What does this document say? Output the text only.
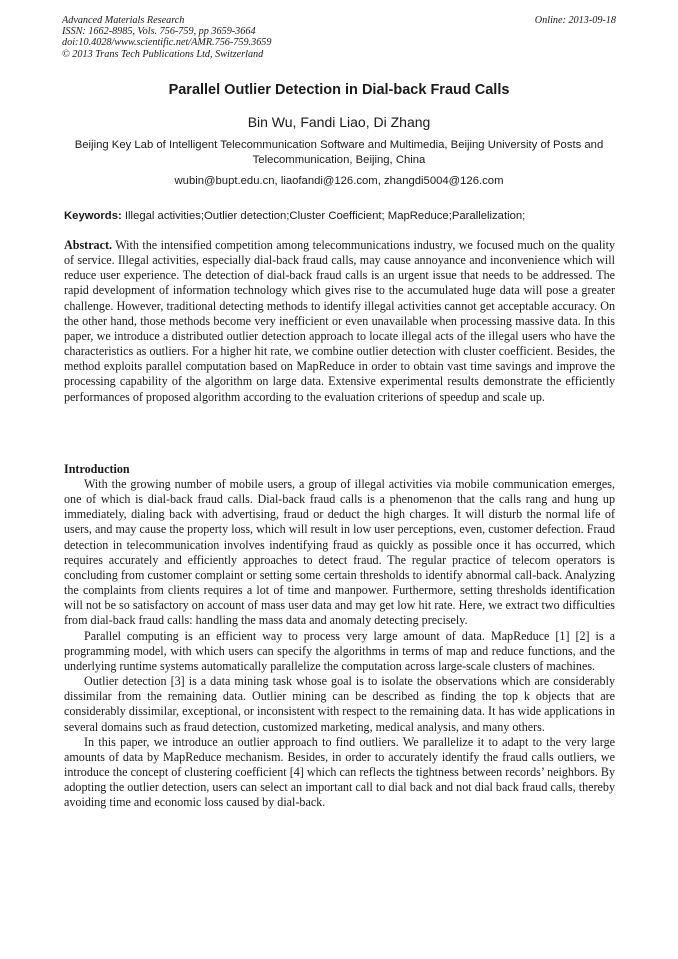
Advanced Materials Research
ISSN: 1662-8985, Vols. 756-759, pp 3659-3664
doi:10.4028/www.scientific.net/AMR.756-759.3659
© 2013 Trans Tech Publications Ltd, Switzerland
Online: 2013-09-18
Parallel Outlier Detection in Dial-back Fraud Calls
Bin Wu, Fandi Liao, Di Zhang
Beijing Key Lab of Intelligent Telecommunication Software and Multimedia, Beijing University of Posts and Telecommunication, Beijing, China
wubin@bupt.edu.cn, liaofandi@126.com, zhangdi5004@126.com
Keywords: Illegal activities;Outlier detection;Cluster Coefficient; MapReduce;Parallelization;

Abstract. With the intensified competition among telecommunications industry, we focused much on the quality of service. Illegal activities, especially dial-back fraud calls, may cause annoyance and inconvenience which will reduce user experience. The detection of dial-back fraud calls is an urgent issue that needs to be addressed. The rapid development of information technology which gives rise to the accumulated huge data will pose a greater challenge. However, traditional detecting methods to identify illegal activities cannot get acceptable accuracy. On the other hand, those methods become very inefficient or even unavailable when processing massive data. In this paper, we introduce a distributed outlier detection approach to locate illegal acts of the illegal users who have the characteristics as outliers. For a higher hit rate, we combine outlier detection with cluster coefficient. Besides, the method exploits parallel computation based on MapReduce in order to obtain vast time savings and improve the processing capability of the algorithm on large data. Extensive experimental results demonstrate the efficiently performances of proposed algorithm according to the evaluation criterions of speedup and scale up.

Introduction

With the growing number of mobile users, a group of illegal activities via mobile communication emerges, one of which is dial-back fraud calls. Dial-back fraud calls is a phenomenon that the calls rang and hung up immediately, dialing back with advertising, fraud or deduct the high charges. It will disturb the normal life of users, and may cause the property loss, which will result in low user perceptions, even, customer defection. Fraud detection in telecommunication involves indentifying fraud as quickly as possible once it has occurred, which requires accurately and efficiently approaches to detect fraud. The regular practice of telecom operators is concluding from customer complaint or setting some certain thresholds to identify abnormal call-back. Analyzing the complaints from clients requires a lot of time and manpower. Furthermore, setting thresholds identification will not be so satisfactory on account of mass user data and may get low hit rate. Here, we extract two difficulties from dial-back fraud calls: handling the mass data and anomaly detecting precisely.

Parallel computing is an efficient way to process very large amount of data. MapReduce [1] [2] is a programming model, with which users can specify the algorithms in terms of map and reduce functions, and the underlying runtime systems automatically parallelize the computation across large-scale clusters of machines.

Outlier detection [3] is a data mining task whose goal is to isolate the observations which are considerably dissimilar from the remaining data. Outlier mining can be described as finding the top k objects that are considerably dissimilar, exceptional, or inconsistent with respect to the remaining data. It has wide applications in several domains such as fraud detection, customized marketing, medical analysis, and many others.

In this paper, we introduce an outlier approach to find outliers. We parallelize it to adapt to the very large amounts of data by MapReduce mechanism. Besides, in order to accurately identify the fraud calls outliers, we introduce the concept of clustering coefficient [4] which can reflects the tightness between records’ neighbors. By adopting the outlier detection, users can select an important call to dial back and not dial back fraud calls, thereby avoiding time and economic loss caused by dial-back.
